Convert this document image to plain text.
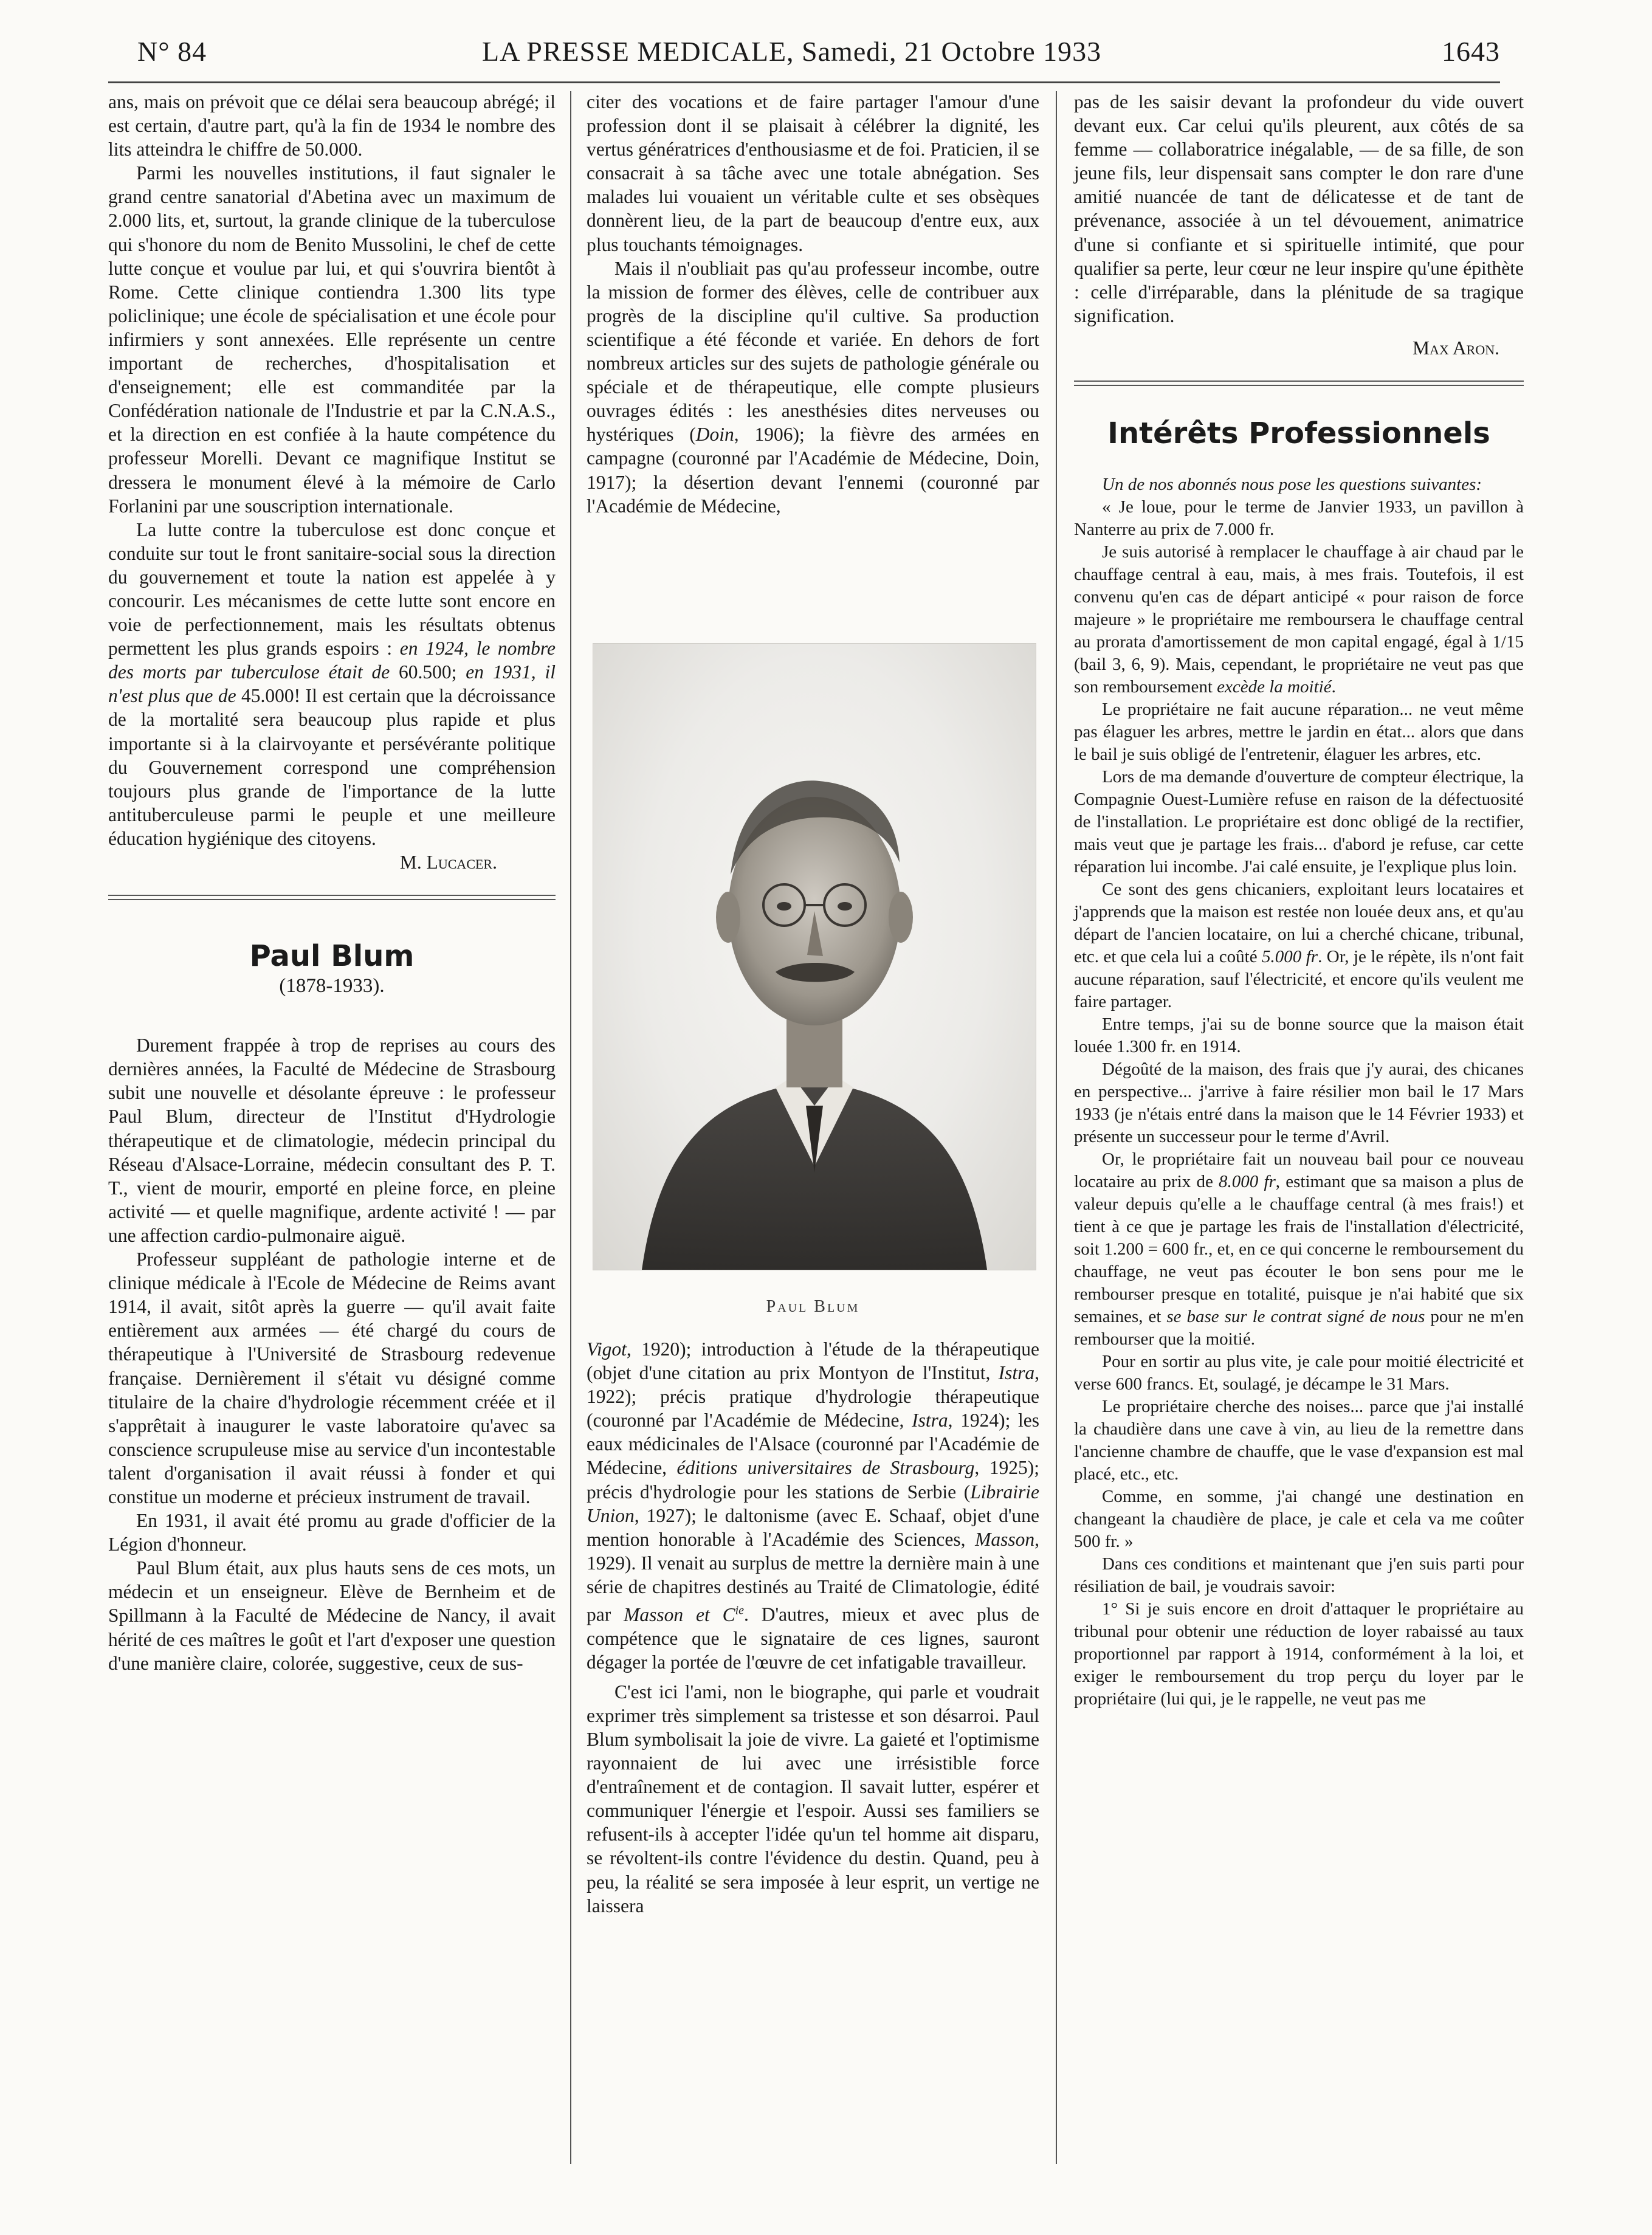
N° 84	LA PRESSE MEDICALE, Samedi, 21 Octobre 1933	1643

ans, mais on prévoit que ce délai sera beaucoup abrégé; il est certain, d'autre part, qu'à la fin de 1934 le nombre des lits atteindra le chiffre de 50.000.

Parmi les nouvelles institutions, il faut signaler le grand centre sanatorial d'Abetina avec un maximum de 2.000 lits, et, surtout, la grande clinique de la tuberculose qui s'honore du nom de Benito Mussolini, le chef de cette lutte conçue et voulue par lui, et qui s'ouvrira bientôt à Rome. Cette clinique contiendra 1.300 lits type policlinique; une école de spécialisation et une école pour infirmiers y sont annexées. Elle représente un centre important de recherches, d'hospitalisation et d'enseignement; elle est commanditée par la Confédération nationale de l'Industrie et par la C.N.A.S., et la direction en est confiée à la haute compétence du professeur Morelli. Devant ce magnifique Institut se dressera le monument élevé à la mémoire de Carlo Forlanini par une souscription internationale.

La lutte contre la tuberculose est donc conçue et conduite sur tout le front sanitaire-social sous la direction du gouvernement et toute la nation est appelée à y concourir. Les mécanismes de cette lutte sont encore en voie de perfectionnement, mais les résultats obtenus permettent les plus grands espoirs : en 1924, le nombre des morts par tuberculose était de 60.500; en 1931, il n'est plus que de 45.000! Il est certain que la décroissance de la mortalité sera beaucoup plus rapide et plus importante si à la clairvoyante et persévérante politique du Gouvernement correspond une compréhension toujours plus grande de l'importance de la lutte antituberculeuse parmi le peuple et une meilleure éducation hygiénique des citoyens.

M. Lucacer.

Paul Blum

(1878-1933).

Durement frappée à trop de reprises au cours des dernières années, la Faculté de Médecine de Strasbourg subit une nouvelle et désolante épreuve : le professeur Paul Blum, directeur de l'Institut d'Hydrologie thérapeutique et de climatologie, médecin principal du Réseau d'Alsace-Lorraine, médecin consultant des P. T. T., vient de mourir, emporté en pleine force, en pleine activité — et quelle magnifique, ardente activité ! — par une affection cardio-pulmonaire aiguë.

Professeur suppléant de pathologie interne et de clinique médicale à l'Ecole de Médecine de Reims avant 1914, il avait, sitôt après la guerre — qu'il avait faite entièrement aux armées — été chargé du cours de thérapeutique à l'Université de Strasbourg redevenue française. Dernièrement il s'était vu désigné comme titulaire de la chaire d'hydrologie récemment créée et il s'apprêtait à inaugurer le vaste laboratoire qu'avec sa conscience scrupuleuse mise au service d'un incontestable talent d'organisation il avait réussi à fonder et qui constitue un moderne et précieux instrument de travail.

En 1931, il avait été promu au grade d'officier de la Légion d'honneur.

Paul Blum était, aux plus hauts sens de ces mots, un médecin et un enseigneur. Elève de Bernheim et de Spillmann à la Faculté de Médecine de Nancy, il avait hérité de ces maîtres le goût et l'art d'exposer une question d'une manière claire, colorée, suggestive, ceux de sus-

citer des vocations et de faire partager l'amour d'une profession dont il se plaisait à célébrer la dignité, les vertus génératrices d'enthousiasme et de foi. Praticien, il se consacrait à sa tâche avec une totale abnégation. Ses malades lui vouaient un véritable culte et ses obsèques donnèrent lieu, de la part de beaucoup d'entre eux, aux plus touchants témoignages.

Mais il n'oubliait pas qu'au professeur incombe, outre la mission de former des élèves, celle de contribuer aux progrès de la discipline qu'il cultive. Sa production scientifique a été féconde et variée. En dehors de fort nombreux articles sur des sujets de pathologie générale ou spéciale et de thérapeutique, elle compte plusieurs ouvrages édités : les anesthésies dites nerveuses ou hystériques (Doin, 1906); la fièvre des armées en campagne (couronné par l'Académie de Médecine, Doin, 1917); la désertion devant l'ennemi (couronné par l'Académie de Médecine,

Paul Blum

Vigot, 1920); introduction à l'étude de la thérapeutique (objet d'une citation au prix Montyon de l'Institut, Istra, 1922); précis pratique d'hydrologie thérapeutique (couronné par l'Académie de Médecine, Istra, 1924); les eaux médicinales de l'Alsace (couronné par l'Académie de Médecine, éditions universitaires de Strasbourg, 1925); précis d'hydrologie pour les stations de Serbie (Librairie Union, 1927); le daltonisme (avec E. Schaaf, objet d'une mention honorable à l'Académie des Sciences, Masson, 1929). Il venait au surplus de mettre la dernière main à une série de chapitres destinés au Traité de Climatologie, édité par Masson et $C^{ie}$. D'autres, mieux et avec plus de compétence que le signataire de ces lignes, sauront dégager la portée de l'œuvre de cet infatigable travailleur.

C'est ici l'ami, non le biographe, qui parle et voudrait exprimer très simplement sa tristesse et son désarroi. Paul Blum symbolisait la joie de vivre. La gaieté et l'optimisme rayonnaient de lui avec une irrésistible force d'entraînement et de contagion. Il savait lutter, espérer et communiquer l'énergie et l'espoir. Aussi ses familiers se refusent-ils à accepter l'idée qu'un tel homme ait disparu, se révoltent-ils contre l'évidence du destin. Quand, peu à peu, la réalité se sera imposée à leur esprit, un vertige ne laissera

pas de les saisir devant la profondeur du vide ouvert devant eux. Car celui qu'ils pleurent, aux côtés de sa femme — collaboratrice inégalable, — de sa fille, de son jeune fils, leur dispensait sans compter le don rare d'une amitié nuancée de tant de délicatesse et de tant de prévenance, associée à un tel dévouement, animatrice d'une si confiante et si spirituelle intimité, que pour qualifier sa perte, leur cœur ne leur inspire qu'une épithète : celle d'irréparable, dans la plénitude de sa tragique signification.

Max Aron.

Intérêts Professionnels

Un de nos abonnés nous pose les questions suivantes:

« Je loue, pour le terme de Janvier 1933, un pavillon à Nanterre au prix de 7.000 fr.

Je suis autorisé à remplacer le chauffage à air chaud par le chauffage central à eau, mais, à mes frais. Toutefois, il est convenu qu'en cas de départ anticipé « pour raison de force majeure » le propriétaire me rembourserа le chauffage central au prorata d'amortissement de mon capital engagé, égal à 1/15 (bail 3, 6, 9). Mais, cependant, le propriétaire ne veut pas que son remboursement excède la moitié.

Le propriétaire ne fait aucune réparation... ne veut même pas élaguer les arbres, mettre le jardin en état... alors que dans le bail je suis obligé de l'entretenir, élaguer les arbres, etc.

Lors de ma demande d'ouverture de compteur électrique, la Compagnie Ouest-Lumière refuse en raison de la défectuosité de l'installation. Le propriétaire est donc obligé de la rectifier, mais veut que je partage les frais... d'abord je refuse, car cette réparation lui incombe. J'ai calé ensuite, je l'explique plus loin.

Ce sont des gens chicaniers, exploitant leurs locataires et j'apprends que la maison est restée non louée deux ans, et qu'au départ de l'ancien locataire, on lui a cherché chicane, tribunal, etc. et que cela lui a coûté 5.000 fr. Or, je le répète, ils n'ont fait aucune réparation, sauf l'électricité, et encore qu'ils veulent me faire partager.

Entre temps, j'ai su de bonne source que la maison était louée 1.300 fr. en 1914.

Dégoûté de la maison, des frais que j'y aurai, des chicanes en perspective... j'arrive à faire résilier mon bail le 17 Mars 1933 (je n'étais entré dans la maison que le 14 Février 1933) et présente un successeur pour le terme d'Avril.

Or, le propriétaire fait un nouveau bail pour ce nouveau locataire au prix de 8.000 fr, estimant que sa maison a plus de valeur depuis qu'elle a le chauffage central (à mes frais!) et tient à ce que je partage les frais de l'installation d'électricité, soit 1.200 = 600 fr., et, en ce qui concerne le remboursement du chauffage, ne veut pas écouter le bon sens pour me le rembourser presque en totalité, puisque je n'ai habité que six semaines, et se base sur le contrat signé de nous pour ne m'en rembourser que la moitié.

Pour en sortir au plus vite, je cale pour moitié électricité et verse 600 francs. Et, soulagé, je décampe le 31 Mars.

Le propriétaire cherche des noises... parce que j'ai installé la chaudière dans une cave à vin, au lieu de la remettre dans l'ancienne chambre de chauffe, que le vase d'expansion est mal placé, etc., etc.

Comme, en somme, j'ai changé une destination en changeant la chaudière de place, je cale et cela va me coûter 500 fr. »

Dans ces conditions et maintenant que j'en suis parti pour résiliation de bail, je voudrais savoir:

1° Si je suis encore en droit d'attaquer le propriétaire au tribunal pour obtenir une réduction de loyer rabaissé au taux proportionnel par rapport à 1914, conformément à la loi, et exiger le remboursement du trop perçu du loyer par le propriétaire (lui qui, je le rappelle, ne veut pas me
